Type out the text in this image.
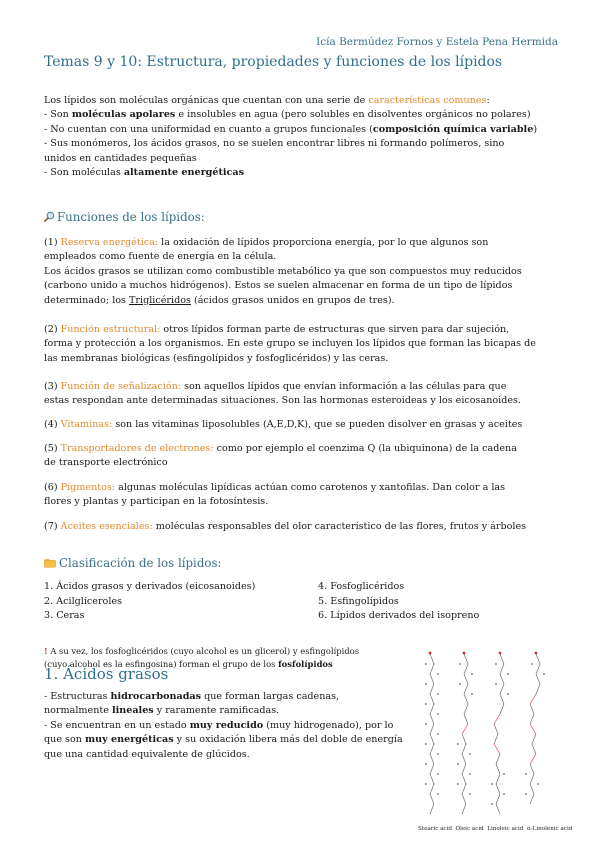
Icía Bermúdez Fornos y Estela Pena Hermida
Temas 9 y 10: Estructura, propiedades y funciones de los lípidos
Los lípidos son moléculas orgánicas que cuentan con una serie de características comunes:
- Son moléculas apolares e insolubles en agua (pero solubles en disolventes orgánicos no polares)
- No cuentan con una uniformidad en cuanto a grupos funcionales (composición química variable)
- Sus monómeros, los ácidos grasos, no se suelen encontrar libres ni formando polímeros, sino
unidos en cantidades pequeñas
- Son moléculas altamente energéticas
Funciones de los lípidos:
(1) Reserva energética: la oxidación de lípidos proporciona energía, por lo que algunos son
empleados como fuente de energía en la célula.
Los ácidos grasos se utilizan como combustible metabólico ya que son compuestos muy reducidos
(carbono unido a muchos hidrógenos). Estos se suelen almacenar en forma de un tipo de lípidos
determinado; los Triglicéridos (ácidos grasos unidos en grupos de tres).
(2) Función estructural: otros lípidos forman parte de estructuras que sirven para dar sujeción,
forma y protección a los organismos. En este grupo se incluyen los lípidos que forman las bicapas de
las membranas biológicas (esfingolípidos y fosfoglicéridos) y las ceras.
(3) Función de señalización: son aquellos lípidos que envían información a las células para que
estas respondan ante determinadas situaciones. Son las hormonas esteroideas y los eicosanoides.
(4) Vitaminas: son las vitaminas liposolubles (A,E,D,K), que se pueden disolver en grasas y aceites
(5) Transportadores de electrones: como por ejemplo el coenzima Q (la ubiquinona) de la cadena
de transporte electrónico
(6) Pigmentos: algunas moléculas lipídicas actúan como carotenos y xantofilas. Dan color a las
flores y plantas y participan en la fotosíntesis.
(7) Aceites esenciales: moléculas responsables del olor característico de las flores, frutos y árboles
Clasificación de los lípidos:
1. Ácidos grasos y derivados (eicosanoides)
2. Acilgliceroles
3. Ceras
4. Fosfoglicéridos
5. Esfingolípidos
6. Lípidos derivados del isopreno
! A su vez, los fosfoglicéridos (cuyo alcohol es un glicerol) y esfingolípidos
(cuyo alcohol es la esfingosina) forman el grupo de los fosfolípidos
1. Ácidos grasos
- Estructuras hidrocarbonadas que forman largas cadenas,
normalmente lineales y raramente ramificadas.
- Se encuentran en un estado muy reducido (muy hidrogenado), por lo
que son muy energéticas y su oxidación libera más del doble de energía
que una cantidad equivalente de glúcidos.
Stearic acid Oleic acid Linoleic acid α-Linolenic acid
